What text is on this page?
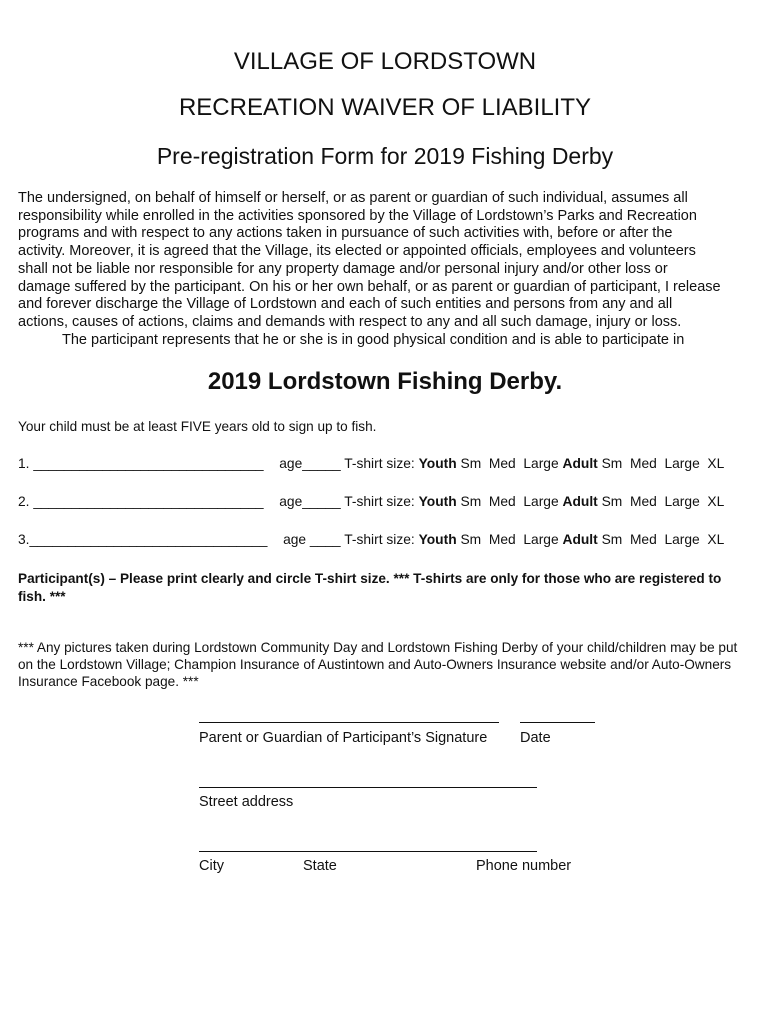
VILLAGE OF LORDSTOWN
RECREATION WAIVER OF LIABILITY
Pre-registration Form for 2019 Fishing Derby
The undersigned, on behalf of himself or herself, or as parent or guardian of such individual, assumes all
responsibility while enrolled in the activities sponsored by the Village of Lordstown’s Parks and Recreation
programs and with respect to any actions taken in pursuance of such activities with, before or after the
activity. Moreover, it is agreed that the Village, its elected or appointed officials, employees and volunteers
shall not be liable nor responsible for any property damage and/or personal injury and/or other loss or
damage suffered by the participant. On his or her own behalf, or as parent or guardian of participant, I release
and forever discharge the Village of Lordstown and each of such entities and persons from any and all
actions, causes of actions, claims and demands with respect to any and all such damage, injury or loss.
The participant represents that he or she is in good physical condition and is able to participate in
2019 Lordstown Fishing Derby.
Your child must be at least FIVE years old to sign up to fish.
1. ______________________________ age_____ T-shirt size: Youth Sm  Med  Large Adult Sm  Med  Large  XL
2. ______________________________ age_____ T-shirt size: Youth Sm  Med  Large Adult Sm  Med  Large  XL
3._______________________________ age ____ T-shirt size: Youth Sm  Med  Large Adult Sm  Med  Large  XL
Participant(s) – Please print clearly and circle T-shirt size. *** T-shirts are only for those who are registered to
fish. ***
*** Any pictures taken during Lordstown Community Day and Lordstown Fishing Derby of your child/children may be put
on the Lordstown Village; Champion Insurance of Austintown and Auto-Owners Insurance website and/or Auto-Owners
Insurance Facebook page. ***
Parent or Guardian of Participant’s Signature Date
Street address
City	State	Phone number
